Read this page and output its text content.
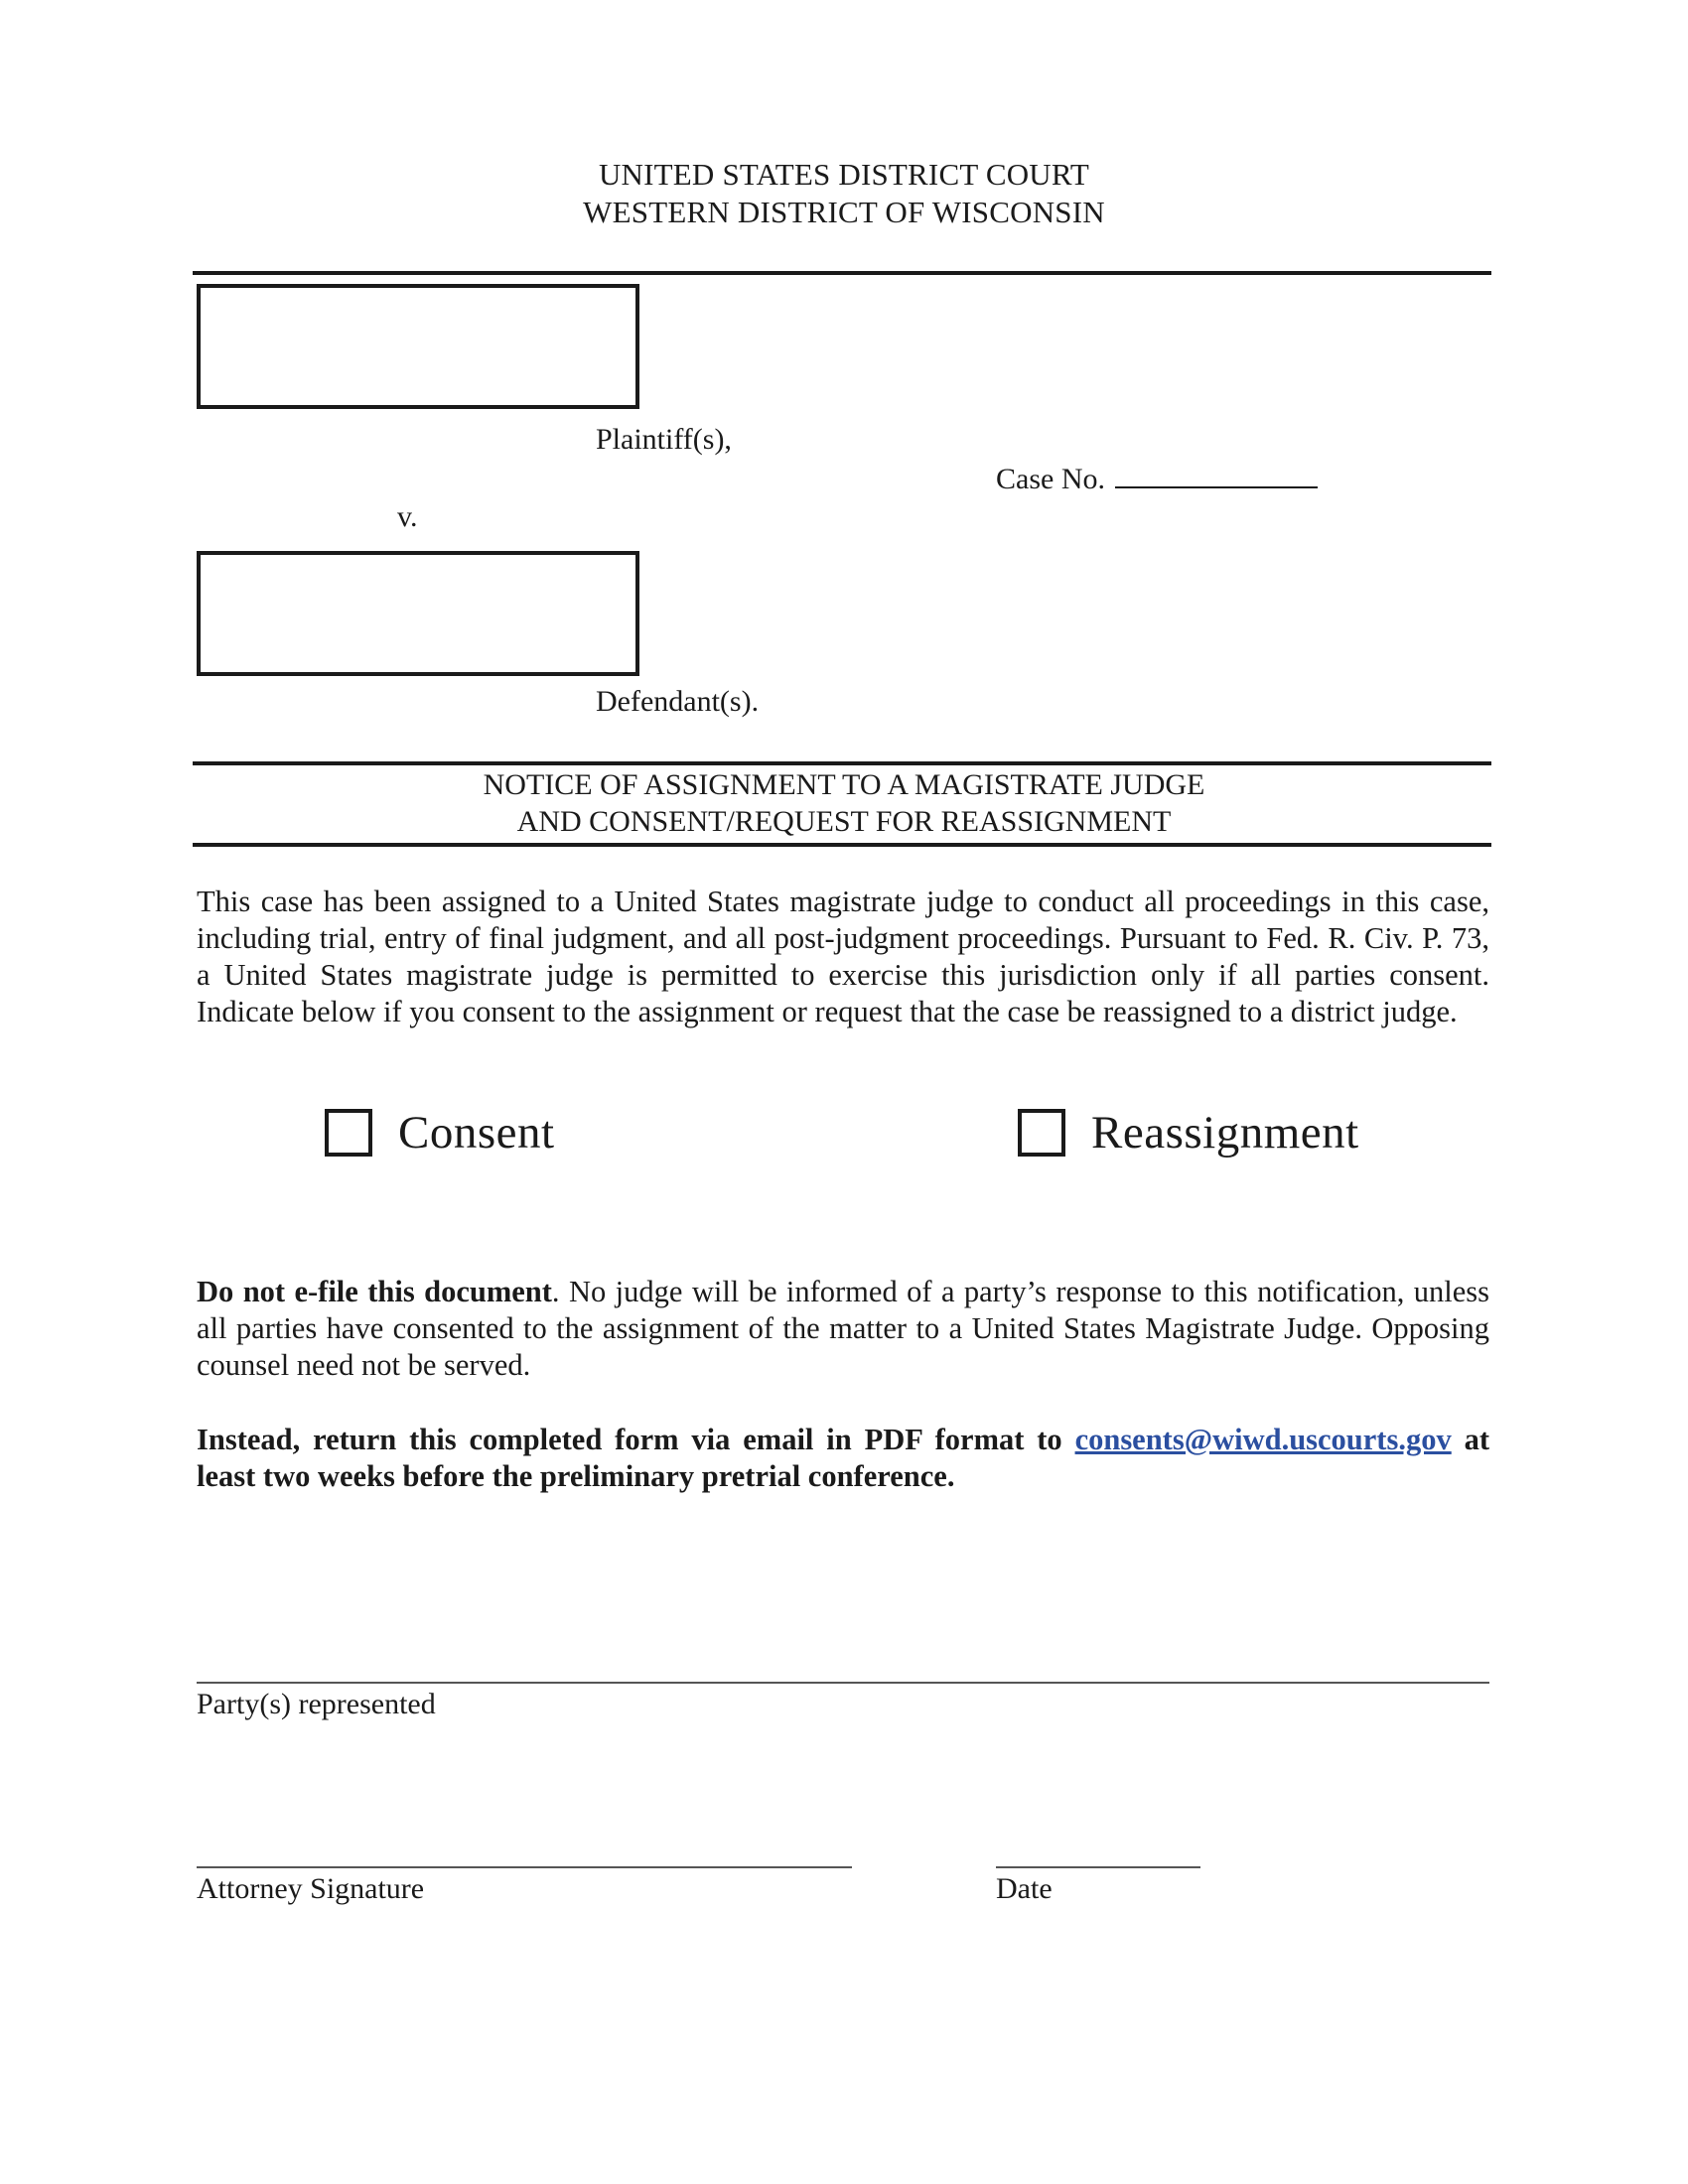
UNITED STATES DISTRICT COURT
WESTERN DISTRICT OF WISCONSIN
Plaintiff(s),
Case No.
v.
Defendant(s).
NOTICE OF ASSIGNMENT TO A MAGISTRATE JUDGE
AND CONSENT/REQUEST FOR REASSIGNMENT
This case has been assigned to a United States magistrate judge to conduct all proceedings in this case, including trial, entry of final judgment, and all post-judgment proceedings. Pursuant to Fed. R. Civ. P. 73, a United States magistrate judge is permitted to exercise this jurisdiction only if all parties consent. Indicate below if you consent to the assignment or request that the case be reassigned to a district judge.
Consent	Reassignment
Do not e-file this document. No judge will be informed of a party’s response to this notification, unless all parties have consented to the assignment of the matter to a United States Magistrate Judge. Opposing counsel need not be served.
Instead, return this completed form via email in PDF format to consents@wiwd.uscourts.gov at least two weeks before the preliminary pretrial conference.
Party(s) represented
Attorney Signature	Date
